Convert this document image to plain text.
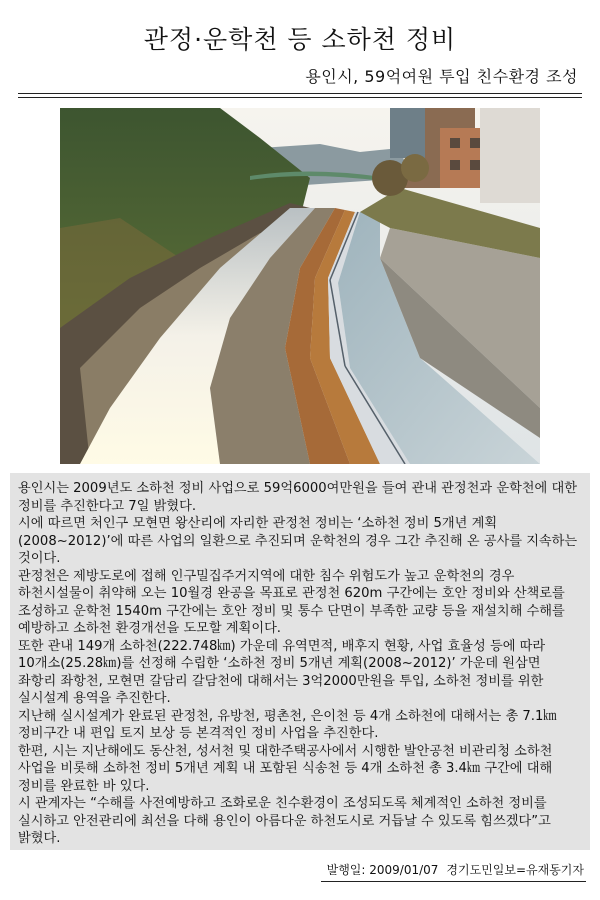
관정·운학천 등 소하천 정비
용인시, 59억여원 투입 친수환경 조성

용인시는 2009년도 소하천 정비 사업으로 59억6000여만원을 들여 관내 관정천과 운학천에 대한 정비를 추진한다고 7일 밝혔다.

시에 따르면 처인구 모현면 왕산리에 자리한 관정천 정비는 ‘소하천 정비 5개년 계획(2008~2012)’에 따른 사업의 일환으로 추진되며 운학천의 경우 그간 추진해 온 공사를 지속하는 것이다.

관정천은 제방도로에 접해 인구밀집주거지역에 대한 침수 위험도가 높고 운학천의 경우 하천시설물이 취약해 오는 10월경 완공을 목표로 관정천 620m 구간에는 호안 정비와 산책로를 조성하고 운학천 1540m 구간에는 호안 정비 및 통수 단면이 부족한 교량 등을 재설치해 수해를 예방하고 소하천 환경개선을 도모할 계획이다.

또한 관내 149개 소하천(222.748㎞) 가운데 유역면적, 배후지 현황, 사업 효율성 등에 따라 10개소(25.28㎞)를 선정해 수립한 ‘소하천 정비 5개년 계획(2008~2012)’ 가운데 원삼면 좌항리 좌항천, 모현면 갈담리 갈담천에 대해서는 3억2000만원을 투입, 소하천 정비를 위한 실시설계 용역을 추진한다.

지난해 실시설계가 완료된 관정천, 유방천, 평촌천, 은이천 등 4개 소하천에 대해서는 총 7.1㎞ 정비구간 내 편입 토지 보상 등 본격적인 정비 사업을 추진한다.

한편, 시는 지난해에도 동산천, 성서천 및 대한주택공사에서 시행한 발안공천 비관리청 소하천 사업을 비롯해 소하천 정비 5개년 계획 내 포함된 식송천 등 4개 소하천 총 3.4㎞ 구간에 대해 정비를 완료한 바 있다.

시 관계자는 “수해를 사전예방하고 조화로운 친수환경이 조성되도록 체계적인 소하천 정비를 실시하고 안전관리에 최선을 다해 용인이 아름다운 하천도시로 거듭날 수 있도록 힘쓰겠다”고 밝혔다.

발행일: 2009/01/07 경기도민일보=유재동기자
